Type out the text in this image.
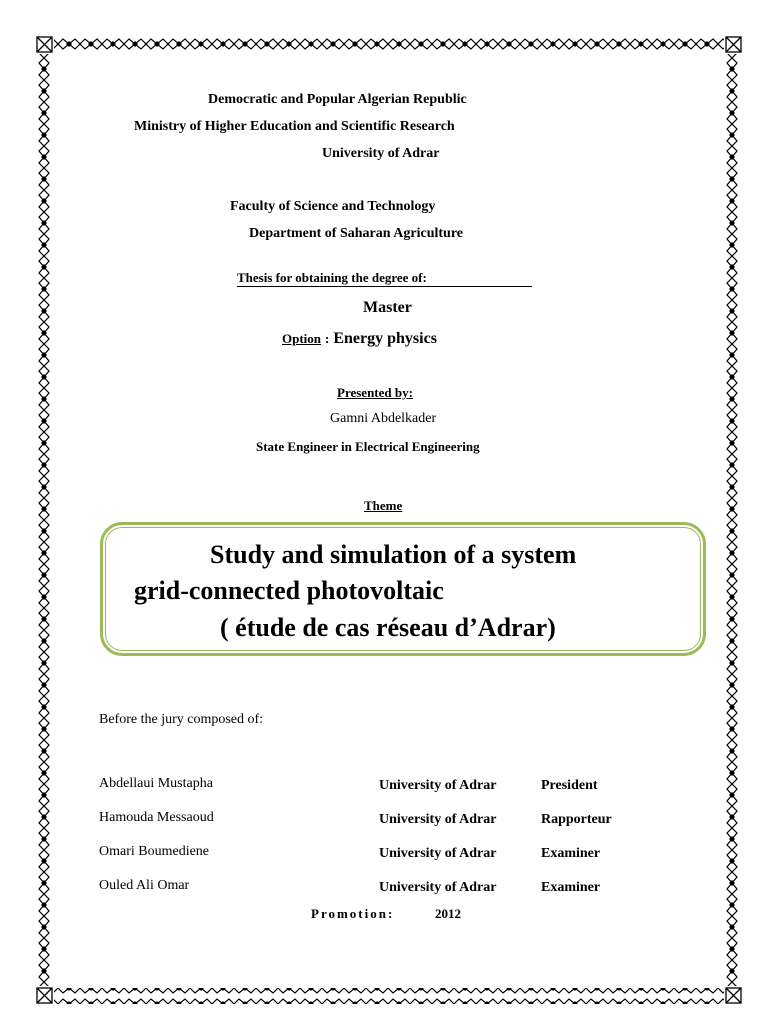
Democratic and Popular Algerian Republic
Ministry of Higher Education and Scientific Research
University of Adrar
Faculty of Science and Technology
Department of Saharan Agriculture
Thesis for obtaining the degree of:
Master
Option : Energy physics
Presented by:
Gamni Abdelkader
State Engineer in Electrical Engineering
Theme
Study and simulation of a system
grid-connected photovoltaic
( étude de cas réseau d’Adrar)
Before the jury composed of:
Abdellaui Mustapha	University of Adrar	President
Hamouda Messaoud	University of Adrar	Rapporteur
Omari Boumediene	University of Adrar	Examiner
Ouled Ali Omar	University of Adrar	Examiner
Promotion:	2012
